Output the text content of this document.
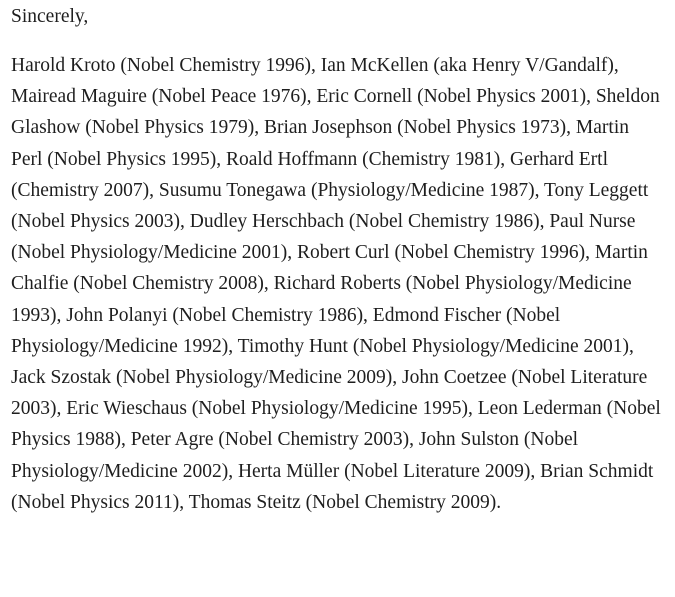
Sincerely,

Harold Kroto (Nobel Chemistry 1996), Ian McKellen (aka Henry V/Gandalf), Mairead Maguire (Nobel Peace 1976), Eric Cornell (Nobel Physics 2001), Sheldon Glashow (Nobel Physics 1979), Brian Josephson (Nobel Physics 1973), Martin Perl (Nobel Physics 1995), Roald Hoffmann (Chemistry 1981), Gerhard Ertl (Chemistry 2007), Susumu Tonegawa (Physiology/Medicine 1987), Tony Leggett (Nobel Physics 2003), Dudley Herschbach (Nobel Chemistry 1986), Paul Nurse (Nobel Physiology/Medicine 2001), Robert Curl (Nobel Chemistry 1996), Martin Chalfie (Nobel Chemistry 2008), Richard Roberts (Nobel Physiology/Medicine 1993), John Polanyi (Nobel Chemistry 1986), Edmond Fischer (Nobel Physiology/Medicine 1992), Timothy Hunt (Nobel Physiology/Medicine 2001), Jack Szostak (Nobel Physiology/Medicine 2009), John Coetzee (Nobel Literature 2003), Eric Wieschaus (Nobel Physiology/Medicine 1995), Leon Lederman (Nobel Physics 1988), Peter Agre (Nobel Chemistry 2003), John Sulston (Nobel Physiology/Medicine 2002), Herta Müller (Nobel Literature 2009), Brian Schmidt (Nobel Physics 2011), Thomas Steitz (Nobel Chemistry 2009).
